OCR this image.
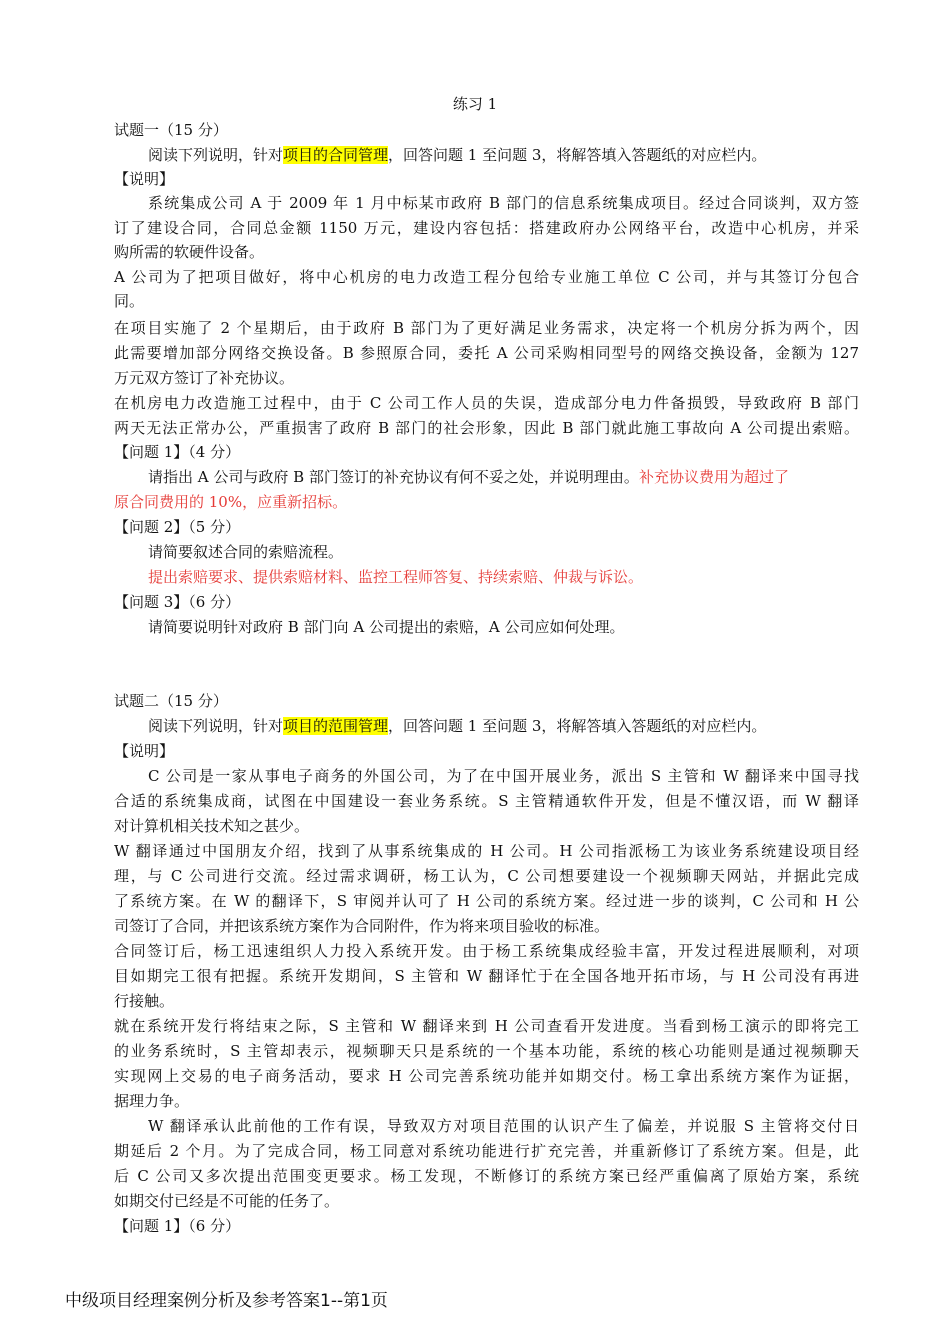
练习 1
试题一（15 分）
阅读下列说明，针对项目的合同管理，回答问题 1 至问题 3，将解答填入答题纸的对应栏内。
【说明】
系统集成公司 A 于 2009 年 1 月中标某市政府 B 部门的信息系统集成项目。经过合同谈判，双方签
订了建设合同，合同总金额 1150 万元，建设内容包括：搭建政府办公网络平台，改造中心机房，并采
购所需的软硬件设备。
A 公司为了把项目做好，将中心机房的电力改造工程分包给专业施工单位 C 公司，并与其签订分包合
同。
在项目实施了 2 个星期后，由于政府 B 部门为了更好满足业务需求，决定将一个机房分拆为两个，因
此需要增加部分网络交换设备。B 参照原合同，委托 A 公司采购相同型号的网络交换设备，金额为 127
万元双方签订了补充协议。
在机房电力改造施工过程中，由于 C 公司工作人员的失误，造成部分电力件备损毁，导致政府 B 部门
两天无法正常办公，严重损害了政府 B 部门的社会形象，因此 B 部门就此施工事故向 A 公司提出索赔。
【问题 1】（4 分）
请指出 A 公司与政府 B 部门签订的补充协议有何不妥之处，并说明理由。补充协议费用为超过了
原合同费用的 10%，应重新招标。
【问题 2】（5 分）
请简要叙述合同的索赔流程。
提出索赔要求、提供索赔材料、监控工程师答复、持续索赔、仲裁与诉讼。
【问题 3】（6 分）
请简要说明针对政府 B 部门向 A 公司提出的索赔，A 公司应如何处理。
试题二（15 分）
阅读下列说明，针对项目的范围管理，回答问题 1 至问题 3，将解答填入答题纸的对应栏内。
【说明】
C 公司是一家从事电子商务的外国公司，为了在中国开展业务，派出 S 主管和 W 翻译来中国寻找
合适的系统集成商，试图在中国建设一套业务系统。S 主管精通软件开发，但是不懂汉语，而 W 翻译
对计算机相关技术知之甚少。
W 翻译通过中国朋友介绍，找到了从事系统集成的 H 公司。H 公司指派杨工为该业务系统建设项目经
理，与 C 公司进行交流。经过需求调研，杨工认为，C 公司想要建设一个视频聊天网站，并据此完成
了系统方案。在 W 的翻译下，S 审阅并认可了 H 公司的系统方案。经过进一步的谈判，C 公司和 H 公
司签订了合同，并把该系统方案作为合同附件，作为将来项目验收的标准。
合同签订后，杨工迅速组织人力投入系统开发。由于杨工系统集成经验丰富，开发过程进展顺利，对项
目如期完工很有把握。系统开发期间，S 主管和 W 翻译忙于在全国各地开拓市场，与 H 公司没有再进
行接触。
就在系统开发行将结束之际，S 主管和 W 翻译来到 H 公司查看开发进度。当看到杨工演示的即将完工
的业务系统时，S 主管却表示，视频聊天只是系统的一个基本功能，系统的核心功能则是通过视频聊天
实现网上交易的电子商务活动，要求 H 公司完善系统功能并如期交付。杨工拿出系统方案作为证据，
据理力争。
W 翻译承认此前他的工作有误，导致双方对项目范围的认识产生了偏差，并说服 S 主管将交付日
期延后 2 个月。为了完成合同，杨工同意对系统功能进行扩充完善，并重新修订了系统方案。但是，此
后 C 公司又多次提出范围变更要求。杨工发现，不断修订的系统方案已经严重偏离了原始方案，系统
如期交付已经是不可能的任务了。
【问题 1】（6 分）
中级项目经理案例分析及参考答案1--第1页
